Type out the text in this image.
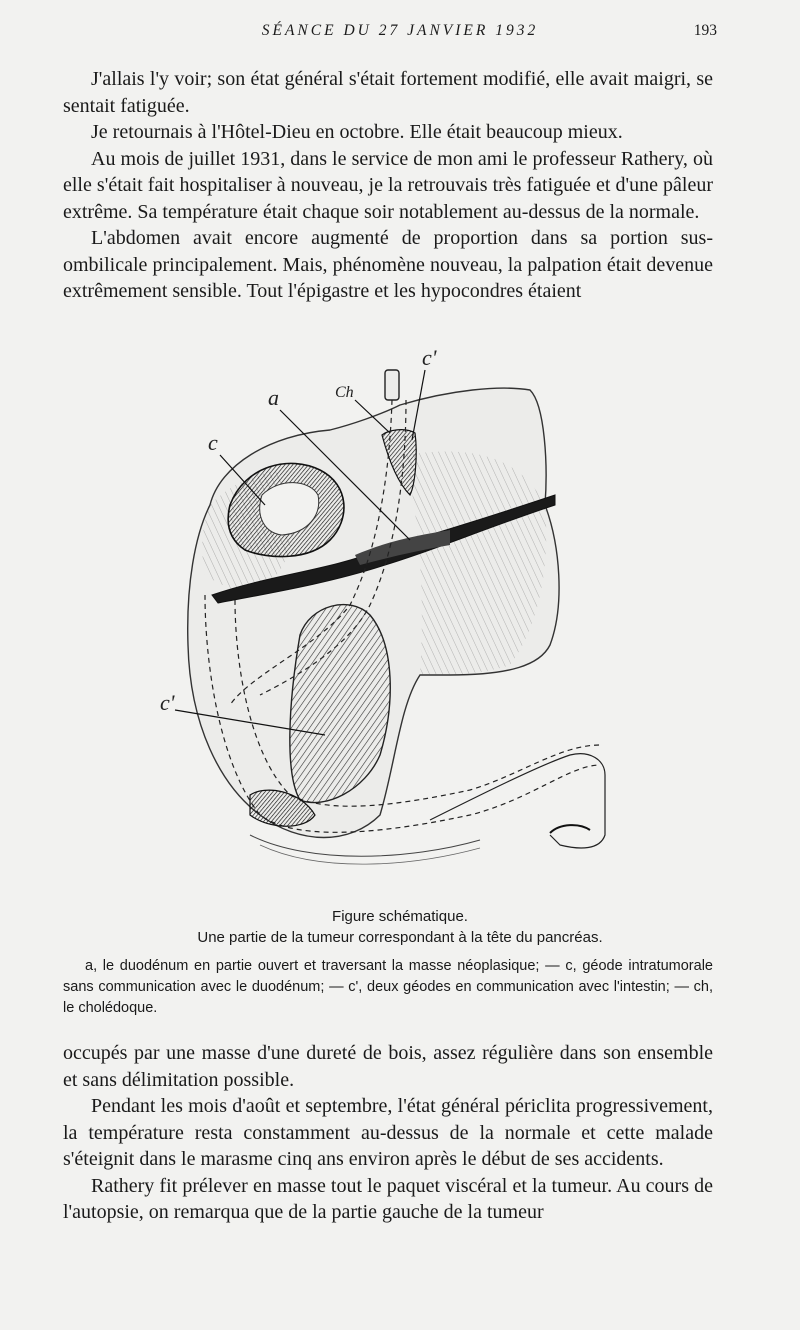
SÉANCE DU 27 JANVIER 1932	193

J'allais l'y voir; son état général s'était fortement modifié, elle avait maigri, se sentait fatiguée.

Je retournais à l'Hôtel-Dieu en octobre. Elle était beaucoup mieux.

Au mois de juillet 1931, dans le service de mon ami le professeur Rathery, où elle s'était fait hospitaliser à nouveau, je la retrouvais très fatiguée et d'une pâleur extrême. Sa température était chaque soir notablement au-dessus de la normale.

L'abdomen avait encore augmenté de proportion dans sa portion sus-ombilicale principalement. Mais, phénomène nouveau, la palpation était devenue extrêmement sensible. Tout l'épigastre et les hypocondres étaient

a
c
Ch
c'
c'
Figure schématique.
Une partie de la tumeur correspondant à la tête du pancréas.
a, le duodénum en partie ouvert et traversant la masse néoplasique; — c, géode intratumorale sans communication avec le duodénum; — c', deux géodes en communication avec l'intestin; — ch, le cholédoque.

occupés par une masse d'une dureté de bois, assez régulière dans son ensemble et sans délimitation possible.

Pendant les mois d'août et septembre, l'état général périclita progressivement, la température resta constamment au-dessus de la normale et cette malade s'éteignit dans le marasme cinq ans environ après le début de ses accidents.

Rathery fit prélever en masse tout le paquet viscéral et la tumeur. Au cours de l'autopsie, on remarqua que de la partie gauche de la tumeur
